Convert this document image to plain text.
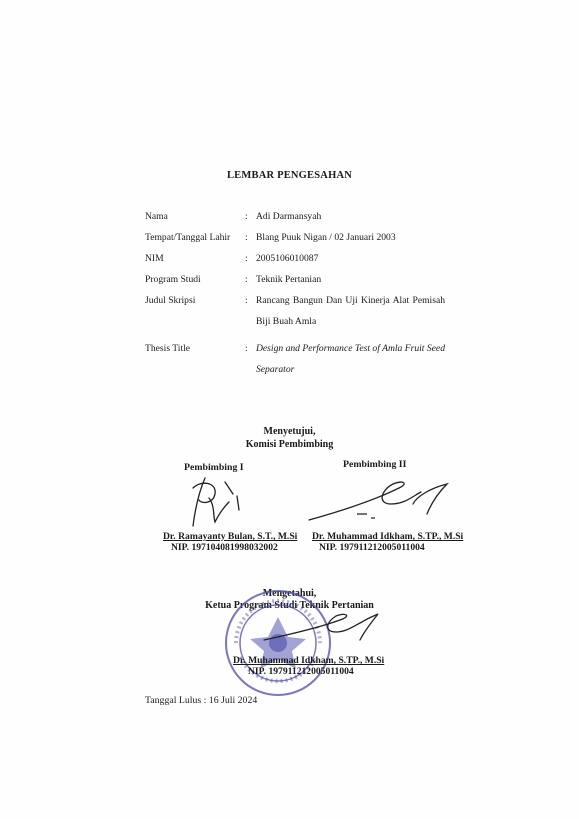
LEMBAR PENGESAHAN
Nama	: Adi Darmansyah
Tempat/Tanggal Lahir	: Blang Puuk Nigan / 02 Januari 2003
NIM	: 2005106010087
Program Studi	: Teknik Pertanian
Judul Skripsi	: Rancang Bangun Dan Uji Kinerja Alat Pemisah Biji Buah Amla
Thesis Title	: Design and Performance Test of Amla Fruit Seed Separator
Menyetujui,
Komisi Pembimbing
Pembimbing I	Pembimbing II
Dr. Ramayanty Bulan, S.T., M.Si
NIP. 197104081998032002
Dr. Muhammad Idkham, S.TP., M.Si
NIP. 197911212005011004
Mengetahui,
Ketua Program Studi Teknik Pertanian
Dr. Muhammad Idkham, S.TP., M.Si
NIP. 197911212005011004
Tanggal Lulus : 16 Juli 2024
